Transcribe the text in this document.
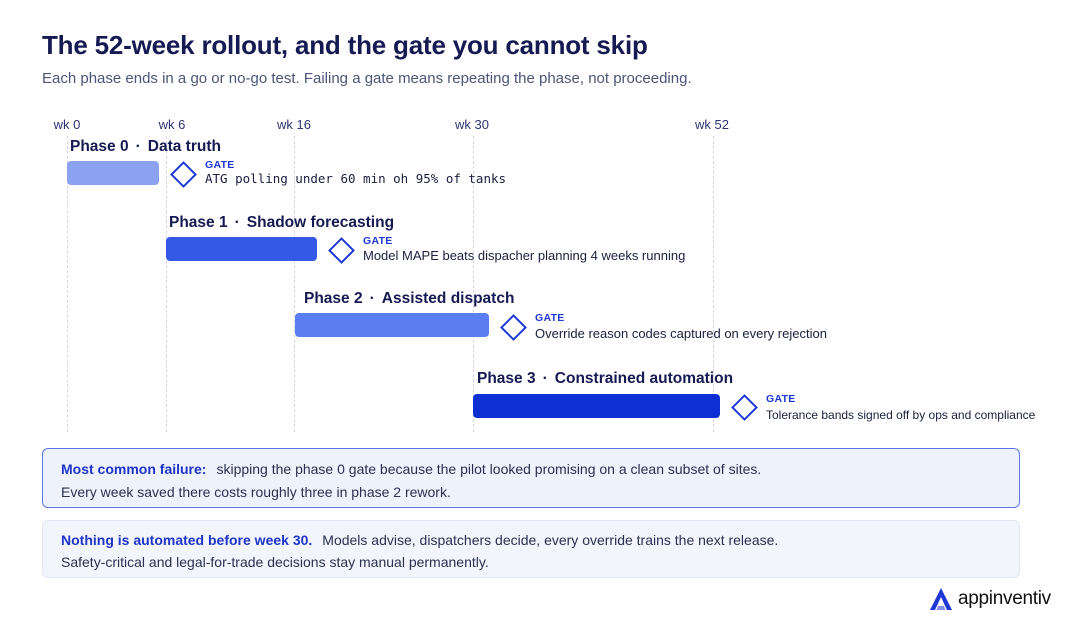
The 52-week rollout, and the gate you cannot skip

Each phase ends in a go or no-go test. Failing a gate means repeating the phase, not proceeding.

wk 0	wk 6	wk 16	wk 30	wk 52
Phase 0 · Data truth
GATE
ATG polling under 60 min oh 95% of tanks
Phase 1 · Shadow forecasting
GATE
Model MAPE beats dispacher planning 4 weeks running
Phase 2 · Assisted dispatch
GATE
Override reason codes captured on every rejection
Phase 3 · Constrained automation
GATE
Tolerance bands signed off by ops and compliance
Most common failure: skipping the phase 0 gate because the pilot looked promising on a clean subset of sites.
Every week saved there costs roughly three in phase 2 rework.
Nothing is automated before week 30. Models advise, dispatchers decide, every override trains the next release.
Safety-critical and legal-for-trade decisions stay manual permanently.
appinventiv
